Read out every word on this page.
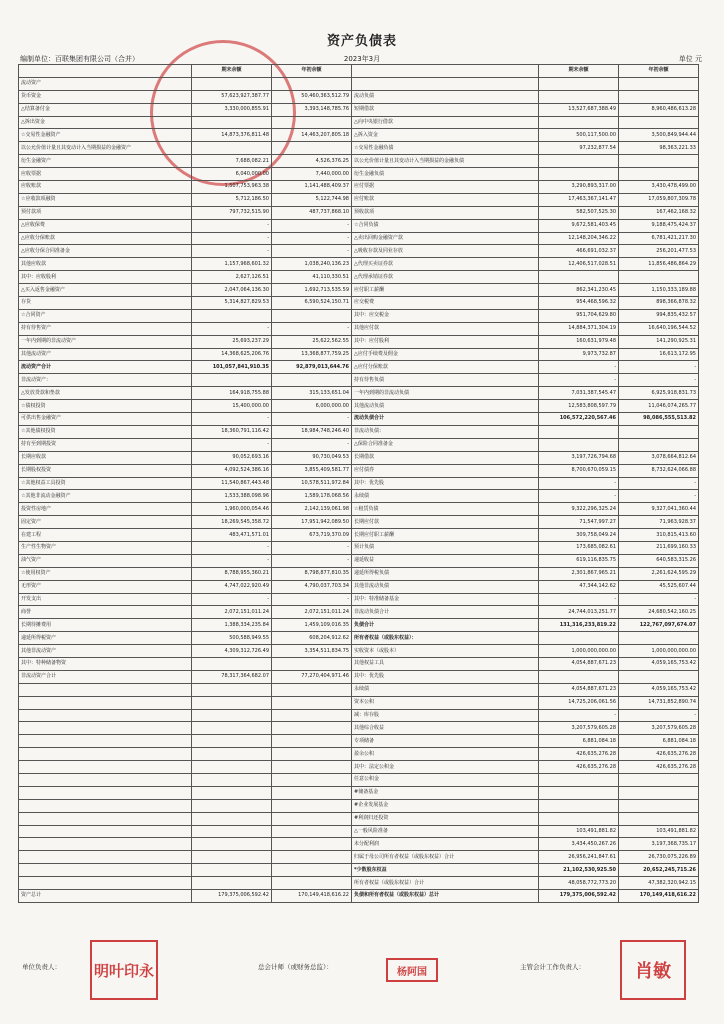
资产负债表
编制单位：百联集团有限公司（合并）	2023年3月	单位 元
	期末余额	年初余额		期末余额	年初余额
流动资产					
货币资金	57,623,927,387.77	50,460,363,512.79	流动负债		
△结算备付金	3,330,000,855.91	3,393,148,785.76	短期借款	13,527,687,388.49	8,960,486,613.28
△拆出资金			△向中央银行借款		
☆交易性金融资产	14,873,376,811.48	14,463,207,805.18	△拆入资金	500,117,500.00	3,500,849,944.44
以公允价值计量且其变动计入当期损益的金融资产			☆交易性金融负债	97,232,877.54	98,363,221.33
衍生金融资产	7,688,082.21	4,526,376.25	以公允价值计量且其变动计入当期损益的金融负债		
应收票据	6,040,000.00	7,440,000.00	衍生金融负债		
应收账款	1,507,753,963.38	1,141,488,409.37	应付票据	3,290,893,317.00	3,430,478,499.00
☆应收款项融资	5,712,186.50	5,122,744.98	应付账款	17,463,367,141.47	17,059,807,309.78
预付款项	797,732,515.90	487,737,868.10	预收款项	582,507,525.30	167,462,168.32
△应收保费	-	-	☆合同负债	9,672,581,403.45	9,188,475,424.37
△应收分保账款	-	-	△卖出回购金融资产款	12,148,204,346.22	6,781,421,217.30
△应收分保合同准备金	-	-	△吸收存款及同业存放	466,691,032.37	256,201,477.53
其他应收款	1,157,968,601.32	1,038,240,136.23	△代理买卖证券款	12,406,517,028.51	11,856,486,864.29
其中：应收股利	2,627,126.51	41,110,330.51	△代理承销证券款		
△买入返售金融资产	2,047,064,136.30	1,692,713,535.59	应付职工薪酬	862,341,230.45	1,150,333,189.88
存货	5,314,827,829.53	6,590,524,150.71	应交税费	954,468,596.32	898,366,878.32
☆合同资产			其中：应交税金	951,704,629.80	994,835,432.57
持有待售资产	-	-	其他应付款	14,884,371,304.19	16,640,196,544.52
一年内到期的非流动资产	25,693,237.29	25,622,562.55	其中：应付股利	160,631,979.48	141,290,925.31
其他流动资产	14,368,625,206.76	13,368,877,759.25	△应付手续费及佣金	9,973,732.87	16,613,172.95
流动资产合计	101,057,841,910.35	92,879,013,644.76	△应付分保账款	-	-
非流动资产：			持有待售负债	-	-
△发放贷款和垫款	164,918,755.88	315,133,651.04	一年内到期的非流动负债	7,031,387,545.47	6,925,918,831.73
☆债权投资	15,400,000.00	6,000,000.00	其他流动负债	12,583,808,597.79	11,046,074,265.77
可供出售金融资产	-	-	流动负债合计	106,572,220,567.46	98,086,555,513.82
☆其他债权投资	18,360,791,116.42	18,984,748,246.40	非流动负债：		
持有至到期投资	-	-	△保险合同准备金		
长期应收款	90,052,693.16	90,730,049.53	长期借款	3,197,726,794.68	3,078,664,812.64
长期股权投资	4,092,524,386.16	3,855,409,581.77	应付债券	8,700,670,059.15	8,732,624,066.88
☆其他权益工具投资	11,540,867,443.48	10,578,511,972.84	其中：优先股	-	-
☆其他非流动金融资产	1,533,388,098.96	1,589,178,068.56	永续债	-	-
投资性房地产	1,960,000,054.46	2,142,139,061.98	☆租赁负债	9,322,296,325.24	9,327,041,360.44
固定资产	18,269,545,358.72	17,951,942,089.50	长期应付款	71,547,997.27	71,963,928.37
在建工程	483,471,571.01	673,719,370.09	长期应付职工薪酬	309,758,049.24	310,815,413.60
生产性生物资产	-	-	预计负债	173,685,082.61	211,699,160.33
油气资产	-	-	递延收益	619,116,835.75	640,583,315.26
☆使用权资产	8,788,955,360.21	8,798,877,810.35	递延所得税负债	2,301,867,965.21	2,261,624,595.29
无形资产	4,747,022,920.49	4,790,037,703.34	其他非流动负债	47,344,142.62	45,525,607.44
开发支出	-	-	其中：特准储备基金	-	-
商誉	2,072,151,011.24	2,072,151,011.24	非流动负债合计	24,744,013,251.77	24,680,542,160.25
长期待摊费用	1,388,334,235.84	1,459,109,016.35	负债合计	131,316,233,819.22	122,767,097,674.07
递延所得税资产	500,588,949.55	608,204,912.62	所有者权益（或股东权益）：		
其他非流动资产	4,309,312,726.49	3,354,511,834.75	实收资本（或股本）	1,000,000,000.00	1,000,000,000.00
其中：特种储备物资			其他权益工具	4,054,887,671.23	4,059,165,753.42
非流动资产合计	78,317,364,682.07	77,270,404,971.46	其中：优先股		
			永续债	4,054,887,671.23	4,059,165,753.42
			资本公积	14,725,206,061.56	14,731,852,890.74
			减：库存股	-	-
			其他综合收益	3,207,579,605.28	3,207,579,605.28
			专项储备	6,881,084.18	6,881,084.18
			盈余公积	426,635,276.28	426,635,276.28
			其中：法定公积金	426,635,276.28	426,635,276.28
			任意公积金		
			#储备基金		
			#企业发展基金		
			#利润归还投资		
			△一般风险准备	103,491,881.82	103,491,881.82
			未分配利润	3,434,450,267.26	3,197,368,735.17
			归属于母公司所有者权益（或股东权益）合计	26,956,241,847.61	26,730,075,226.89
			*少数股东权益	21,102,530,925.50	20,652,245,715.26
			所有者权益（或股东权益）合计	48,058,772,773.20	47,382,320,942.15
资产总计	179,375,006,592.42	170,149,418,616.22	负债和所有者权益（或股东权益）总计	179,375,006,592.42	170,149,418,616.22
单位负责人：	总会计师（或财务总监）：	主管会计工作负责人：
明叶印永	杨阿国	肖敏
